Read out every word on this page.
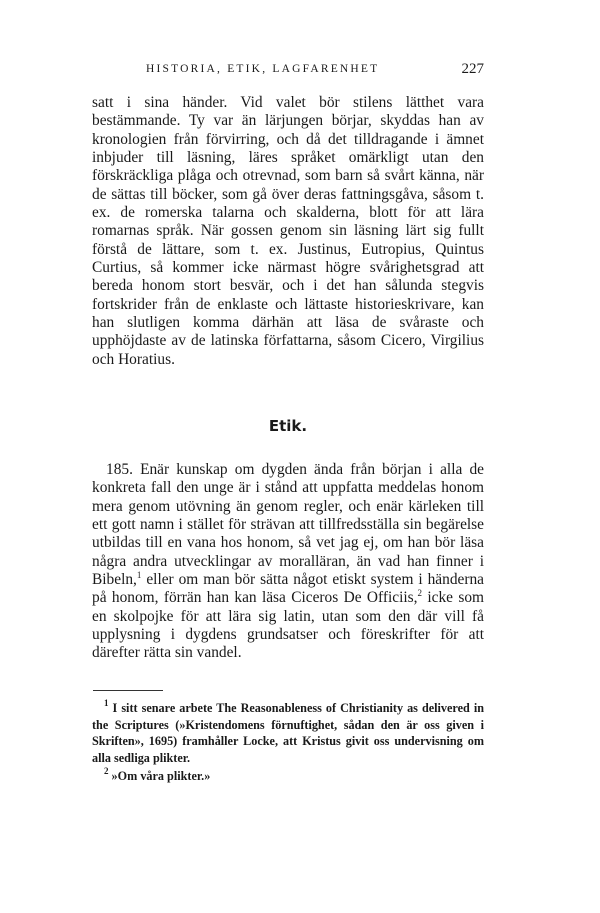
HISTORIA, ETIK, LAGFARENHET	227

satt i sina händer. Vid valet bör stilens lätthet vara bestämmande. Ty var än lärjungen börjar, skyddas han av kronologien från förvirring, och då det tilldragande i ämnet inbjuder till läsning, läres språket omärkligt utan den förskräckliga plåga och otrevnad, som barn så svårt känna, när de sättas till böcker, som gå över deras fattningsgåva, såsom t. ex. de romerska talarna och skalderna, blott för att lära romarnas språk. När gossen genom sin läsning lärt sig fullt förstå de lättare, som t. ex. Justinus, Eutropius, Quintus Curtius, så kommer icke närmast högre svårighetsgrad att bereda honom stort besvär, och i det han sålunda stegvis fortskrider från de enklaste och lättaste historieskrivare, kan han slutligen komma därhän att läsa de svåraste och upphöjdaste av de latinska författarna, såsom Cicero, Virgilius och Horatius.

Etik.
185. Enär kunskap om dygden ända från början i alla de konkreta fall den unge är i stånd att uppfatta meddelas honom mera genom utövning än genom regler, och enär kärleken till ett gott namn i stället för strävan att tillfredsställa sin begärelse utbildas till en vana hos honom, så vet jag ej, om han bör läsa några andra utvecklingar av moralläran, än vad han finner i Bibeln,$^1$ eller om man bör sätta något etiskt system i händerna på honom, förrän han kan läsa Ciceros De Officiis,$^2$ icke som en skolpojke för att lära sig latin, utan som den där vill få upplysning i dygdens grundsatser och föreskrifter för att därefter rätta sin vandel.

$^1$ I sitt senare arbete The Reasonableness of Christianity as delivered in the Scriptures (»Kristendomens förnuftighet, sådan den är oss given i Skriften», 1695) framhåller Locke, att Kristus givit oss undervisning om alla sedliga plikter.

$^2$ »Om våra plikter.»
